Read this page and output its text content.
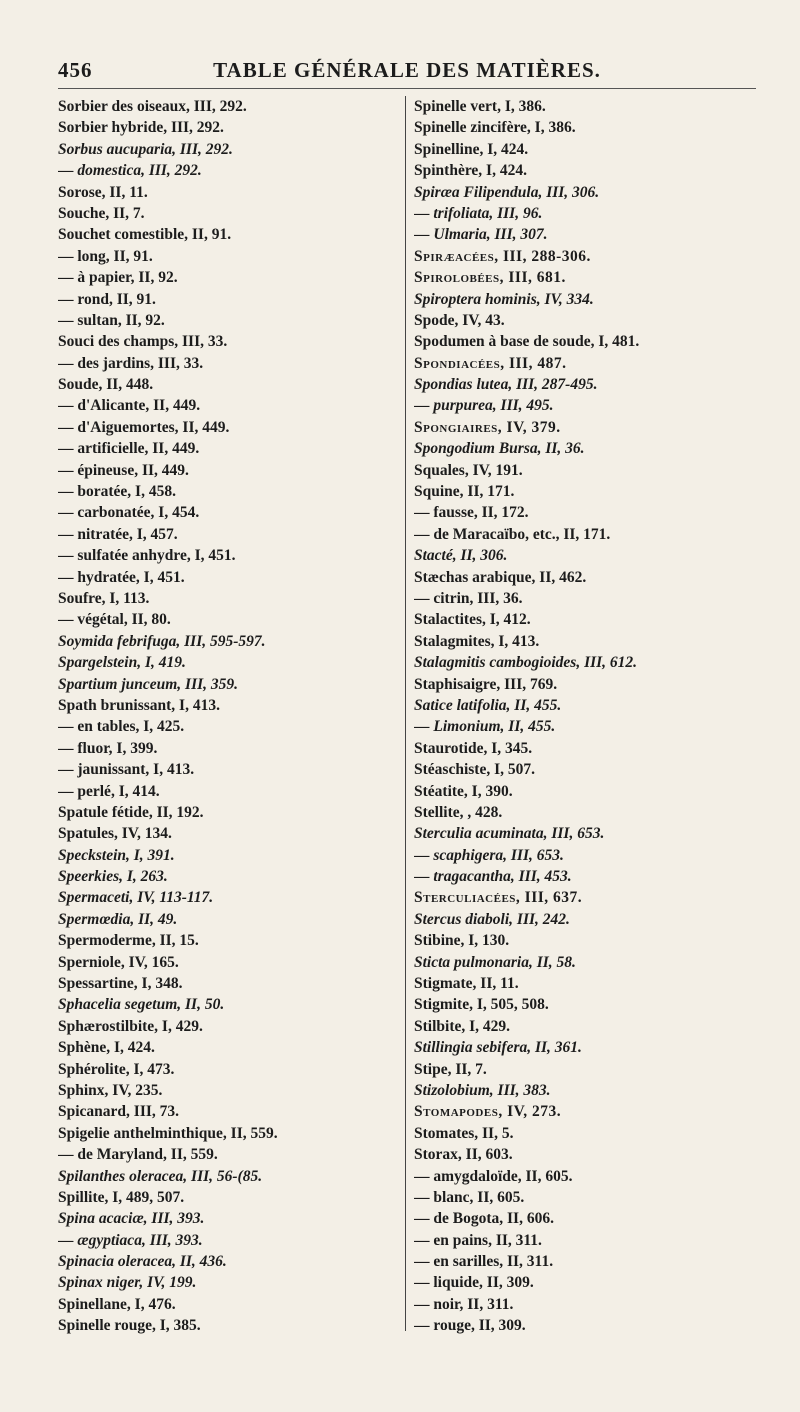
456	TABLE GÉNÉRALE DES MATIÈRES.
Sorbier des oiseaux, III, 292.
Sorbier hybride, III, 292.
Sorbus aucuparia, III, 292.
— domestica, III, 292.
Sorose, II, 11.
Souche, II, 7.
Souchet comestible, II, 91.
— long, II, 91.
— à papier, II, 92.
— rond, II, 91.
— sultan, II, 92.
Souci des champs, III, 33.
— des jardins, III, 33.
Soude, II, 448.
— d'Alicante, II, 449.
— d'Aiguemortes, II, 449.
— artificielle, II, 449.
— épineuse, II, 449.
— boratée, I, 458.
— carbonatée, I, 454.
— nitratée, I, 457.
— sulfatée anhydre, I, 451.
— hydratée, I, 451.
Soufre, I, 113.
— végétal, II, 80.
Soymida febrifuga, III, 595-597.
Spargelstein, I, 419.
Spartium junceum, III, 359.
Spath brunissant, I, 413.
— en tables, I, 425.
— fluor, I, 399.
— jaunissant, I, 413.
— perlé, I, 414.
Spatule fétide, II, 192.
Spatules, IV, 134.
Speckstein, I, 391.
Speerkies, I, 263.
Spermaceti, IV, 113-117.
Spermœdia, II, 49.
Spermoderme, II, 15.
Sperniole, IV, 165.
Spessartine, I, 348.
Sphacelia segetum, II, 50.
Sphærostilbite, I, 429.
Sphène, I, 424.
Sphérolite, I, 473.
Sphinx, IV, 235.
Spicanard, III, 73.
Spigelie anthelminthique, II, 559.
— de Maryland, II, 559.
Spilanthes oleracea, III, 56-(85.
Spillite, I, 489, 507.
Spina acaciæ, III, 393.
— ægyptiaca, III, 393.
Spinacia oleracea, II, 436.
Spinax niger, IV, 199.
Spinellane, I, 476.
Spinelle rouge, I, 385.
Spinelle vert, I, 386.
Spinelle zincifère, I, 386.
Spinelline, I, 424.
Spinthère, I, 424.
Spiræa Filipendula, III, 306.
— trifoliata, III, 96.
— Ulmaria, III, 307.
Spiræacées, III, 288-306.
Spirolobées, III, 681.
Spiroptera hominis, IV, 334.
Spode, IV, 43.
Spodumen à base de soude, I, 481.
Spondiacées, III, 487.
Spondias lutea, III, 287-495.
— purpurea, III, 495.
Spongiaires, IV, 379.
Spongodium Bursa, II, 36.
Squales, IV, 191.
Squine, II, 171.
— fausse, II, 172.
— de Maracaïbo, etc., II, 171.
Stacté, II, 306.
Stæchas arabique, II, 462.
— citrin, III, 36.
Stalactites, I, 412.
Stalagmites, I, 413.
Stalagmitis cambogioides, III, 612.
Staphisaigre, III, 769.
Satice latifolia, II, 455.
— Limonium, II, 455.
Staurotide, I, 345.
Stéaschiste, I, 507.
Stéatite, I, 390.
Stellite, , 428.
Sterculia acuminata, III, 653.
— scaphigera, III, 653.
— tragacantha, III, 453.
Sterculiacées, III, 637.
Stercus diaboli, III, 242.
Stibine, I, 130.
Sticta pulmonaria, II, 58.
Stigmate, II, 11.
Stigmite, I, 505, 508.
Stilbite, I, 429.
Stillingia sebifera, II, 361.
Stipe, II, 7.
Stizolobium, III, 383.
Stomapodes, IV, 273.
Stomates, II, 5.
Storax, II, 603.
— amygdaloïde, II, 605.
— blanc, II, 605.
— de Bogota, II, 606.
— en pains, II, 311.
— en sarilles, II, 311.
— liquide, II, 309.
— noir, II, 311.
— rouge, II, 309.
